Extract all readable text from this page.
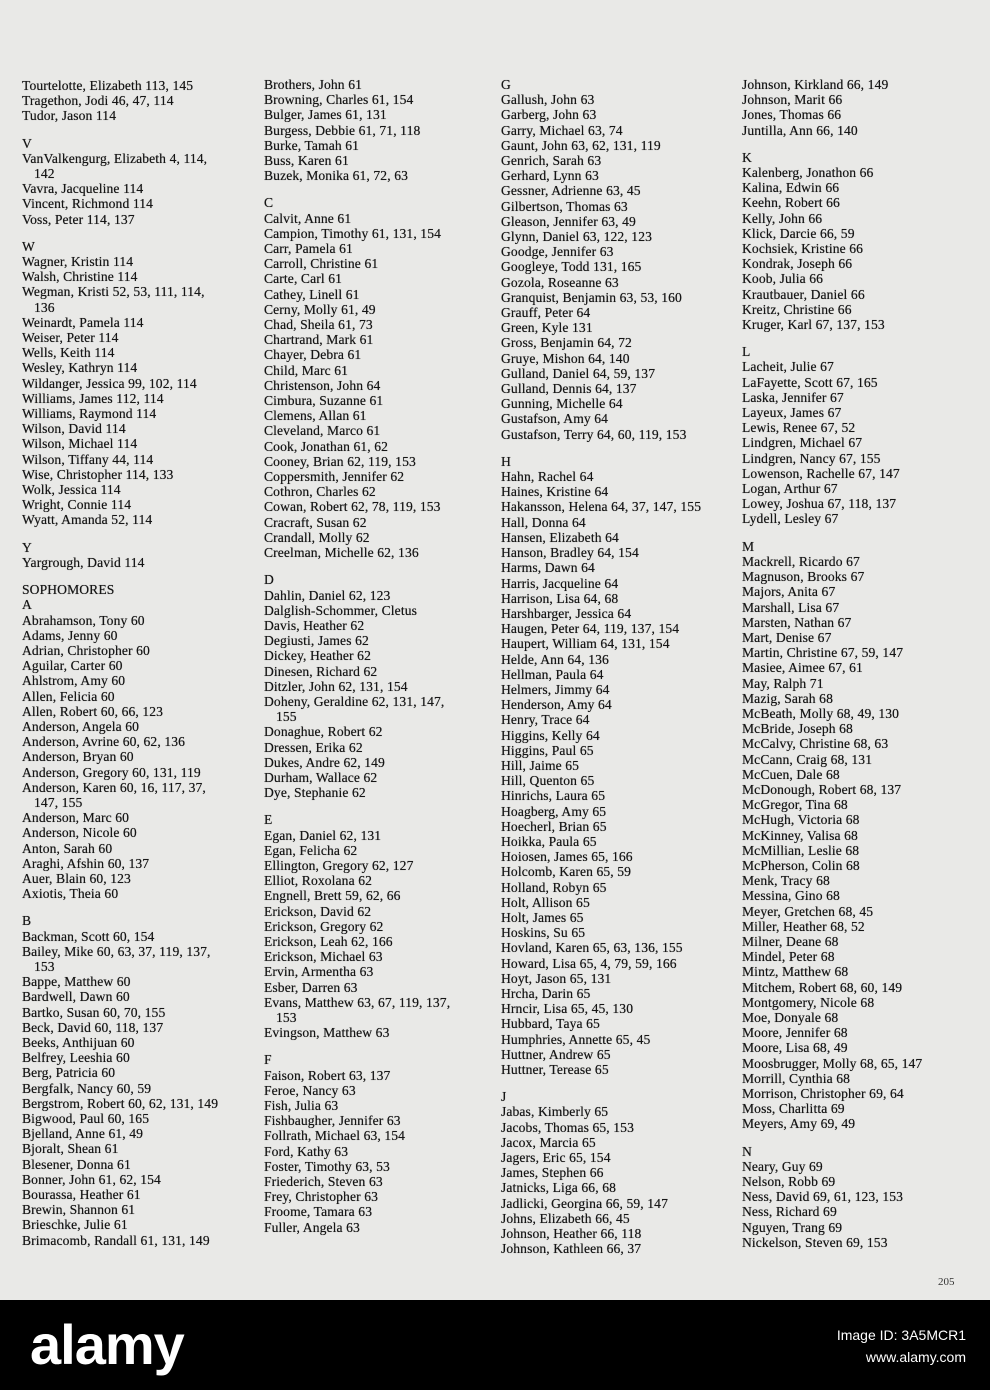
Tourtelotte, Elizabeth 113, 145
Tragethon, Jodi 46, 47, 114
Tudor, Jason 114
V
VanValkengurg, Elizabeth 4, 114,
142
Vavra, Jacqueline 114
Vincent, Richmond 114
Voss, Peter 114, 137
W
Wagner, Kristin 114
Walsh, Christine 114
Wegman, Kristi 52, 53, 111, 114,
136
Weinardt, Pamela 114
Weiser, Peter 114
Wells, Keith 114
Wesley, Kathryn 114
Wildanger, Jessica 99, 102, 114
Williams, James 112, 114
Williams, Raymond 114
Wilson, David 114
Wilson, Michael 114
Wilson, Tiffany 44, 114
Wise, Christopher 114, 133
Wolk, Jessica 114
Wright, Connie 114
Wyatt, Amanda 52, 114
Y
Yargrough, David 114
SOPHOMORES
A
Abrahamson, Tony 60
Adams, Jenny 60
Adrian, Christopher 60
Aguilar, Carter 60
Ahlstrom, Amy 60
Allen, Felicia 60
Allen, Robert 60, 66, 123
Anderson, Angela 60
Anderson, Avrine 60, 62, 136
Anderson, Bryan 60
Anderson, Gregory 60, 131, 119
Anderson, Karen 60, 16, 117, 37,
147, 155
Anderson, Marc 60
Anderson, Nicole 60
Anton, Sarah 60
Araghi, Afshin 60, 137
Auer, Blain 60, 123
Axiotis, Theia 60
B
Backman, Scott 60, 154
Bailey, Mike 60, 63, 37, 119, 137,
153
Bappe, Matthew 60
Bardwell, Dawn 60
Bartko, Susan 60, 70, 155
Beck, David 60, 118, 137
Beeks, Anthijuan 60
Belfrey, Leeshia 60
Berg, Patricia 60
Bergfalk, Nancy 60, 59
Bergstrom, Robert 60, 62, 131, 149
Bigwood, Paul 60, 165
Bjelland, Anne 61, 49
Bjoralt, Shean 61
Blesener, Donna 61
Bonner, John 61, 62, 154
Bourassa, Heather 61
Brewin, Shannon 61
Brieschke, Julie 61
Brimacomb, Randall 61, 131, 149
Brothers, John 61
Browning, Charles 61, 154
Bulger, James 61, 131
Burgess, Debbie 61, 71, 118
Burke, Tamah 61
Buss, Karen 61
Buzek, Monika 61, 72, 63
C
Calvit, Anne 61
Campion, Timothy 61, 131, 154
Carr, Pamela 61
Carroll, Christine 61
Carte, Carl 61
Cathey, Linell 61
Cerny, Molly 61, 49
Chad, Sheila 61, 73
Chartrand, Mark 61
Chayer, Debra 61
Child, Marc 61
Christenson, John 64
Cimbura, Suzanne 61
Clemens, Allan 61
Cleveland, Marco 61
Cook, Jonathan 61, 62
Cooney, Brian 62, 119, 153
Coppersmith, Jennifer 62
Cothron, Charles 62
Cowan, Robert 62, 78, 119, 153
Cracraft, Susan 62
Crandall, Molly 62
Creelman, Michelle 62, 136
D
Dahlin, Daniel 62, 123
Dalglish-Schommer, Cletus
Davis, Heather 62
Degiusti, James 62
Dickey, Heather 62
Dinesen, Richard 62
Ditzler, John 62, 131, 154
Doheny, Geraldine 62, 131, 147,
155
Donaghue, Robert 62
Dressen, Erika 62
Dukes, Andre 62, 149
Durham, Wallace 62
Dye, Stephanie 62
E
Egan, Daniel 62, 131
Egan, Felicha 62
Ellington, Gregory 62, 127
Elliot, Roxolana 62
Engnell, Brett 59, 62, 66
Erickson, David 62
Erickson, Gregory 62
Erickson, Leah 62, 166
Erickson, Michael 63
Ervin, Armentha 63
Esber, Darren 63
Evans, Matthew 63, 67, 119, 137,
153
Evingson, Matthew 63
F
Faison, Robert 63, 137
Feroe, Nancy 63
Fish, Julia 63
Fishbaugher, Jennifer 63
Follrath, Michael 63, 154
Ford, Kathy 63
Foster, Timothy 63, 53
Friederich, Steven 63
Frey, Christopher 63
Froome, Tamara 63
Fuller, Angela 63
G
Gallush, John 63
Garberg, John 63
Garry, Michael 63, 74
Gaunt, John 63, 62, 131, 119
Genrich, Sarah 63
Gerhard, Lynn 63
Gessner, Adrienne 63, 45
Gilbertson, Thomas 63
Gleason, Jennifer 63, 49
Glynn, Daniel 63, 122, 123
Goodge, Jennifer 63
Googleye, Todd 131, 165
Gozola, Roseanne 63
Granquist, Benjamin 63, 53, 160
Grauff, Peter 64
Green, Kyle 131
Gross, Benjamin 64, 72
Gruye, Mishon 64, 140
Gulland, Daniel 64, 59, 137
Gulland, Dennis 64, 137
Gunning, Michelle 64
Gustafson, Amy 64
Gustafson, Terry 64, 60, 119, 153
H
Hahn, Rachel 64
Haines, Kristine 64
Hakansson, Helena 64, 37, 147, 155
Hall, Donna 64
Hansen, Elizabeth 64
Hanson, Bradley 64, 154
Harms, Dawn 64
Harris, Jacqueline 64
Harrison, Lisa 64, 68
Harshbarger, Jessica 64
Haugen, Peter 64, 119, 137, 154
Haupert, William 64, 131, 154
Helde, Ann 64, 136
Hellman, Paula 64
Helmers, Jimmy 64
Henderson, Amy 64
Henry, Trace 64
Higgins, Kelly 64
Higgins, Paul 65
Hill, Jaime 65
Hill, Quenton 65
Hinrichs, Laura 65
Hoagberg, Amy 65
Hoecherl, Brian 65
Hoikka, Paula 65
Hoiosen, James 65, 166
Holcomb, Karen 65, 59
Holland, Robyn 65
Holt, Allison 65
Holt, James 65
Hoskins, Su 65
Hovland, Karen 65, 63, 136, 155
Howard, Lisa 65, 4, 79, 59, 166
Hoyt, Jason 65, 131
Hrcha, Darin 65
Hrncir, Lisa 65, 45, 130
Hubbard, Taya 65
Humphries, Annette 65, 45
Huttner, Andrew 65
Huttner, Terease 65
J
Jabas, Kimberly 65
Jacobs, Thomas 65, 153
Jacox, Marcia 65
Jagers, Eric 65, 154
James, Stephen 66
Jatnicks, Liga 66, 68
Jadlicki, Georgina 66, 59, 147
Johns, Elizabeth 66, 45
Johnson, Heather 66, 118
Johnson, Kathleen 66, 37
Johnson, Kirkland 66, 149
Johnson, Marit 66
Jones, Thomas 66
Juntilla, Ann 66, 140
K
Kalenberg, Jonathon 66
Kalina, Edwin 66
Keehn, Robert 66
Kelly, John 66
Klick, Darcie 66, 59
Kochsiek, Kristine 66
Kondrak, Joseph 66
Koob, Julia 66
Krautbauer, Daniel 66
Kreitz, Christine 66
Kruger, Karl 67, 137, 153
L
Lacheit, Julie 67
LaFayette, Scott 67, 165
Laska, Jennifer 67
Layeux, James 67
Lewis, Renee 67, 52
Lindgren, Michael 67
Lindgren, Nancy 67, 155
Lowenson, Rachelle 67, 147
Logan, Arthur 67
Lowey, Joshua 67, 118, 137
Lydell, Lesley 67
M
Mackrell, Ricardo 67
Magnuson, Brooks 67
Majors, Anita 67
Marshall, Lisa 67
Marsten, Nathan 67
Mart, Denise 67
Martin, Christine 67, 59, 147
Masiee, Aimee 67, 61
May, Ralph 71
Mazig, Sarah 68
McBeath, Molly 68, 49, 130
McBride, Joseph 68
McCalvy, Christine 68, 63
McCann, Craig 68, 131
McCuen, Dale 68
McDonough, Robert 68, 137
McGregor, Tina 68
McHugh, Victoria 68
McKinney, Valisa 68
McMillian, Leslie 68
McPherson, Colin 68
Menk, Tracy 68
Messina, Gino 68
Meyer, Gretchen 68, 45
Miller, Heather 68, 52
Milner, Deane 68
Mindel, Peter 68
Mintz, Matthew 68
Mitchem, Robert 68, 60, 149
Montgomery, Nicole 68
Moe, Donyale 68
Moore, Jennifer 68
Moore, Lisa 68, 49
Moosbrugger, Molly 68, 65, 147
Morrill, Cynthia 68
Morrison, Christopher 69, 64
Moss, Charlitta 69
Meyers, Amy 69, 49
N
Neary, Guy 69
Nelson, Robb 69
Ness, David 69, 61, 123, 153
Ness, Richard 69
Nguyen, Trang 69
Nickelson, Steven 69, 153
205
alamy	Image ID: 3A5MCR1
www.alamy.com
